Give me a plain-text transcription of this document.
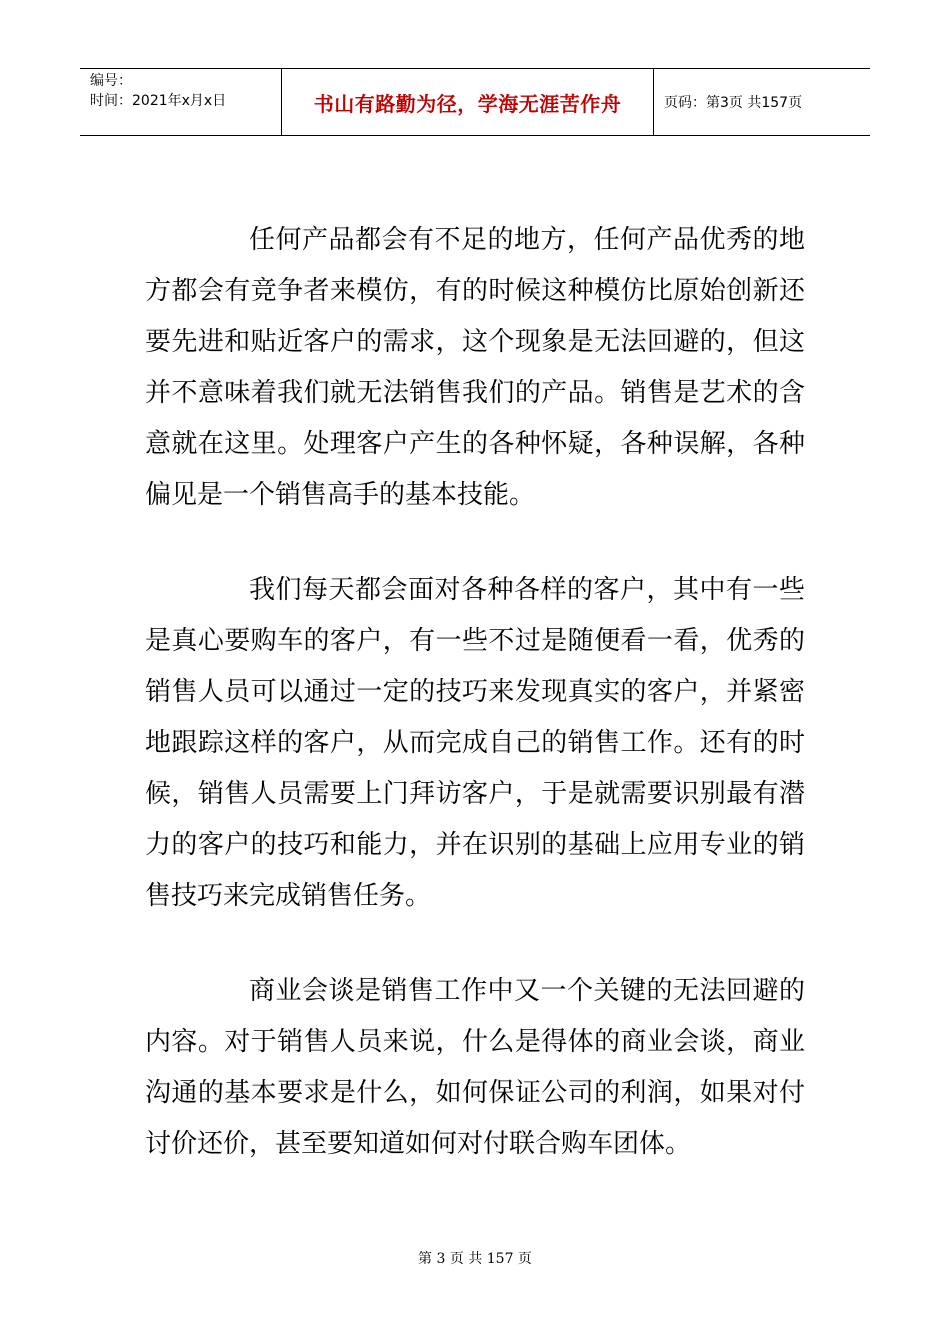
编号：
时间：2021年x月x日	书山有路勤为径，学海无涯苦作舟	页码：第3页 共157页

任何产品都会有不足的地方，任何产品优秀的地方都会有竞争者来模仿，有的时候这种模仿比原始创新还要先进和贴近客户的需求，这个现象是无法回避的，但这并不意味着我们就无法销售我们的产品。销售是艺术的含意就在这里。处理客户产生的各种怀疑，各种误解，各种偏见是一个销售高手的基本技能。

我们每天都会面对各种各样的客户，其中有一些是真心要购车的客户，有一些不过是随便看一看，优秀的销售人员可以通过一定的技巧来发现真实的客户，并紧密地跟踪这样的客户，从而完成自己的销售工作。还有的时候，销售人员需要上门拜访客户，于是就需要识别最有潜力的客户的技巧和能力，并在识别的基础上应用专业的销售技巧来完成销售任务。

商业会谈是销售工作中又一个关键的无法回避的内容。对于销售人员来说，什么是得体的商业会谈，商业沟通的基本要求是什么，如何保证公司的利润，如果对付讨价还价，甚至要知道如何对付联合购车团体。

第 3 页 共 157 页
